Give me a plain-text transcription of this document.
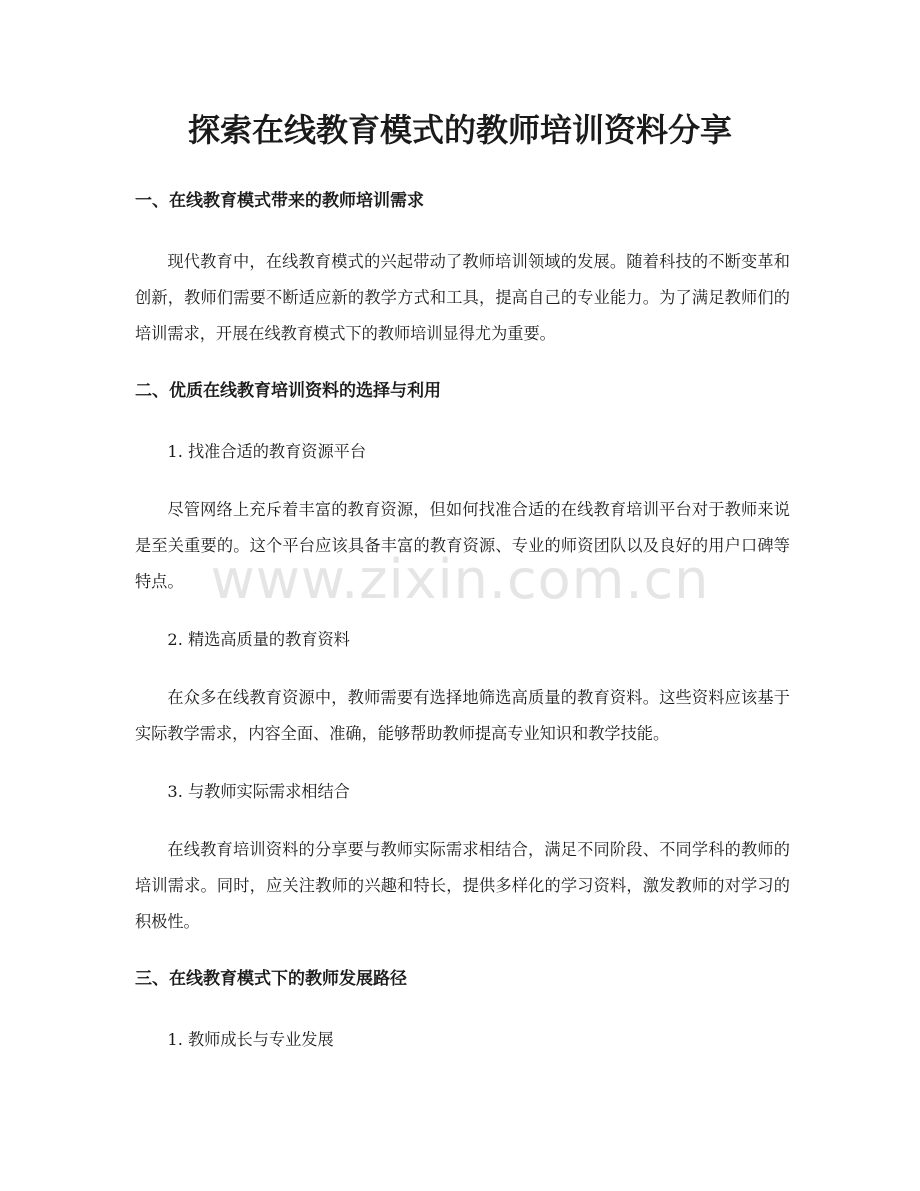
探索在线教育模式的教师培训资料分享
一、在线教育模式带来的教师培训需求

现代教育中，在线教育模式的兴起带动了教师培训领域的发展。随着科技的不断变革和创新，教师们需要不断适应新的教学方式和工具，提高自己的专业能力。为了满足教师们的培训需求，开展在线教育模式下的教师培训显得尤为重要。

二、优质在线教育培训资料的选择与利用

1. 找准合适的教育资源平台

尽管网络上充斥着丰富的教育资源，但如何找准合适的在线教育培训平台对于教师来说是至关重要的。这个平台应该具备丰富的教育资源、专业的师资团队以及良好的用户口碑等特点。

2. 精选高质量的教育资料

在众多在线教育资源中，教师需要有选择地筛选高质量的教育资料。这些资料应该基于实际教学需求，内容全面、准确，能够帮助教师提高专业知识和教学技能。

3. 与教师实际需求相结合

在线教育培训资料的分享要与教师实际需求相结合，满足不同阶段、不同学科的教师的培训需求。同时，应关注教师的兴趣和特长，提供多样化的学习资料，激发教师的对学习的积极性。

三、在线教育模式下的教师发展路径

1. 教师成长与专业发展

www.zixin.com.cn
